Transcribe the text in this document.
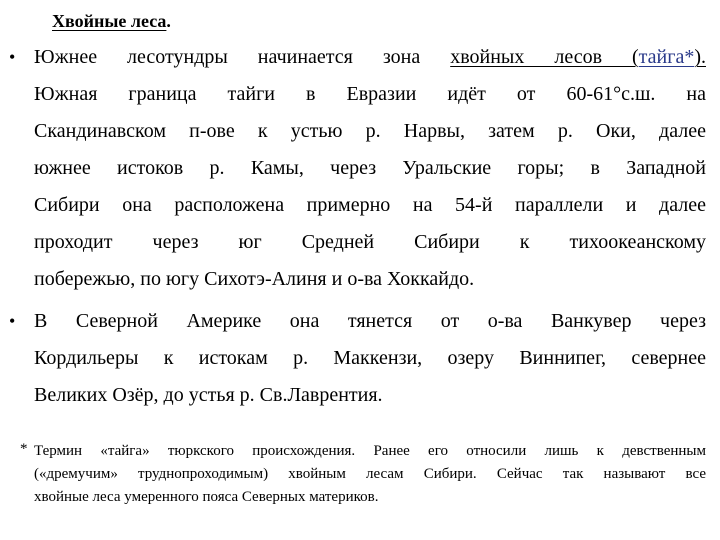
Хвойные леса.
• Южнее лесотундры начинается зона хвойных лесов (тайга*).
Южная граница тайги в Евразии идёт от 60-61°с.ш. на
Скандинавском п-ове к устью р. Нарвы, затем р. Оки, далее
южнее истоков р. Камы, через Уральские горы; в Западной
Сибири она расположена примерно на 54-й параллели и далее
проходит через юг Средней Сибири к тихоокеанскому
побережью, по югу Сихотэ-Алиня и о-ва Хоккайдо.
• В Северной Америке она тянется от о-ва Ванкувер через
Кордильеры к истокам р. Маккензи, озеру Виннипег, севернее
Великих Озёр, до устья р. Св.Лаврентия.
* Термин «тайга» тюркского происхождения. Ранее его относили лишь к девственным
(«дремучим» труднопроходимым) хвойным лесам Сибири. Сейчас так называют все
хвойные леса умеренного пояса Северных материков.
